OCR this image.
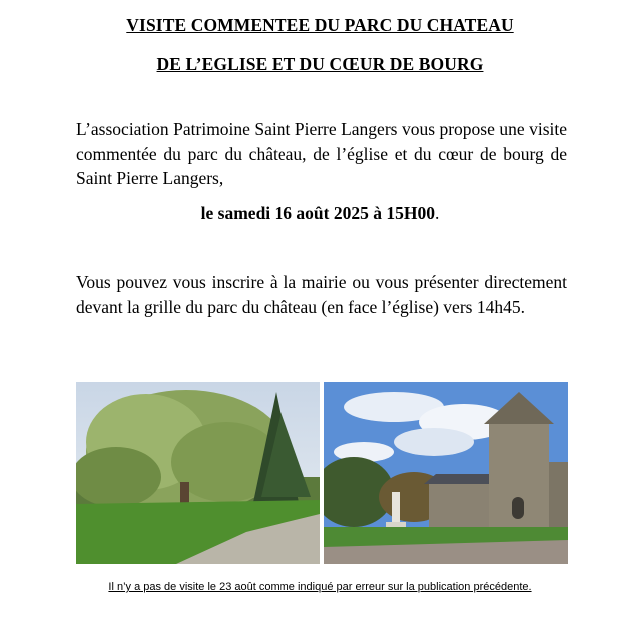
VISITE COMMENTEE DU PARC DU CHATEAU
DE L’EGLISE ET DU CŒUR DE BOURG

L’association Patrimoine Saint Pierre Langers vous propose une visite commentée du parc du château, de l’église et du cœur de bourg de Saint Pierre Langers,

le samedi 16 août 2025 à 15H00.

Vous pouvez vous inscrire à la mairie ou vous présenter directement devant la grille du parc du château (en face l’église) vers 14h45.

Il n’y a pas de visite le 23 août comme indiqué par erreur sur la publication précédente.
